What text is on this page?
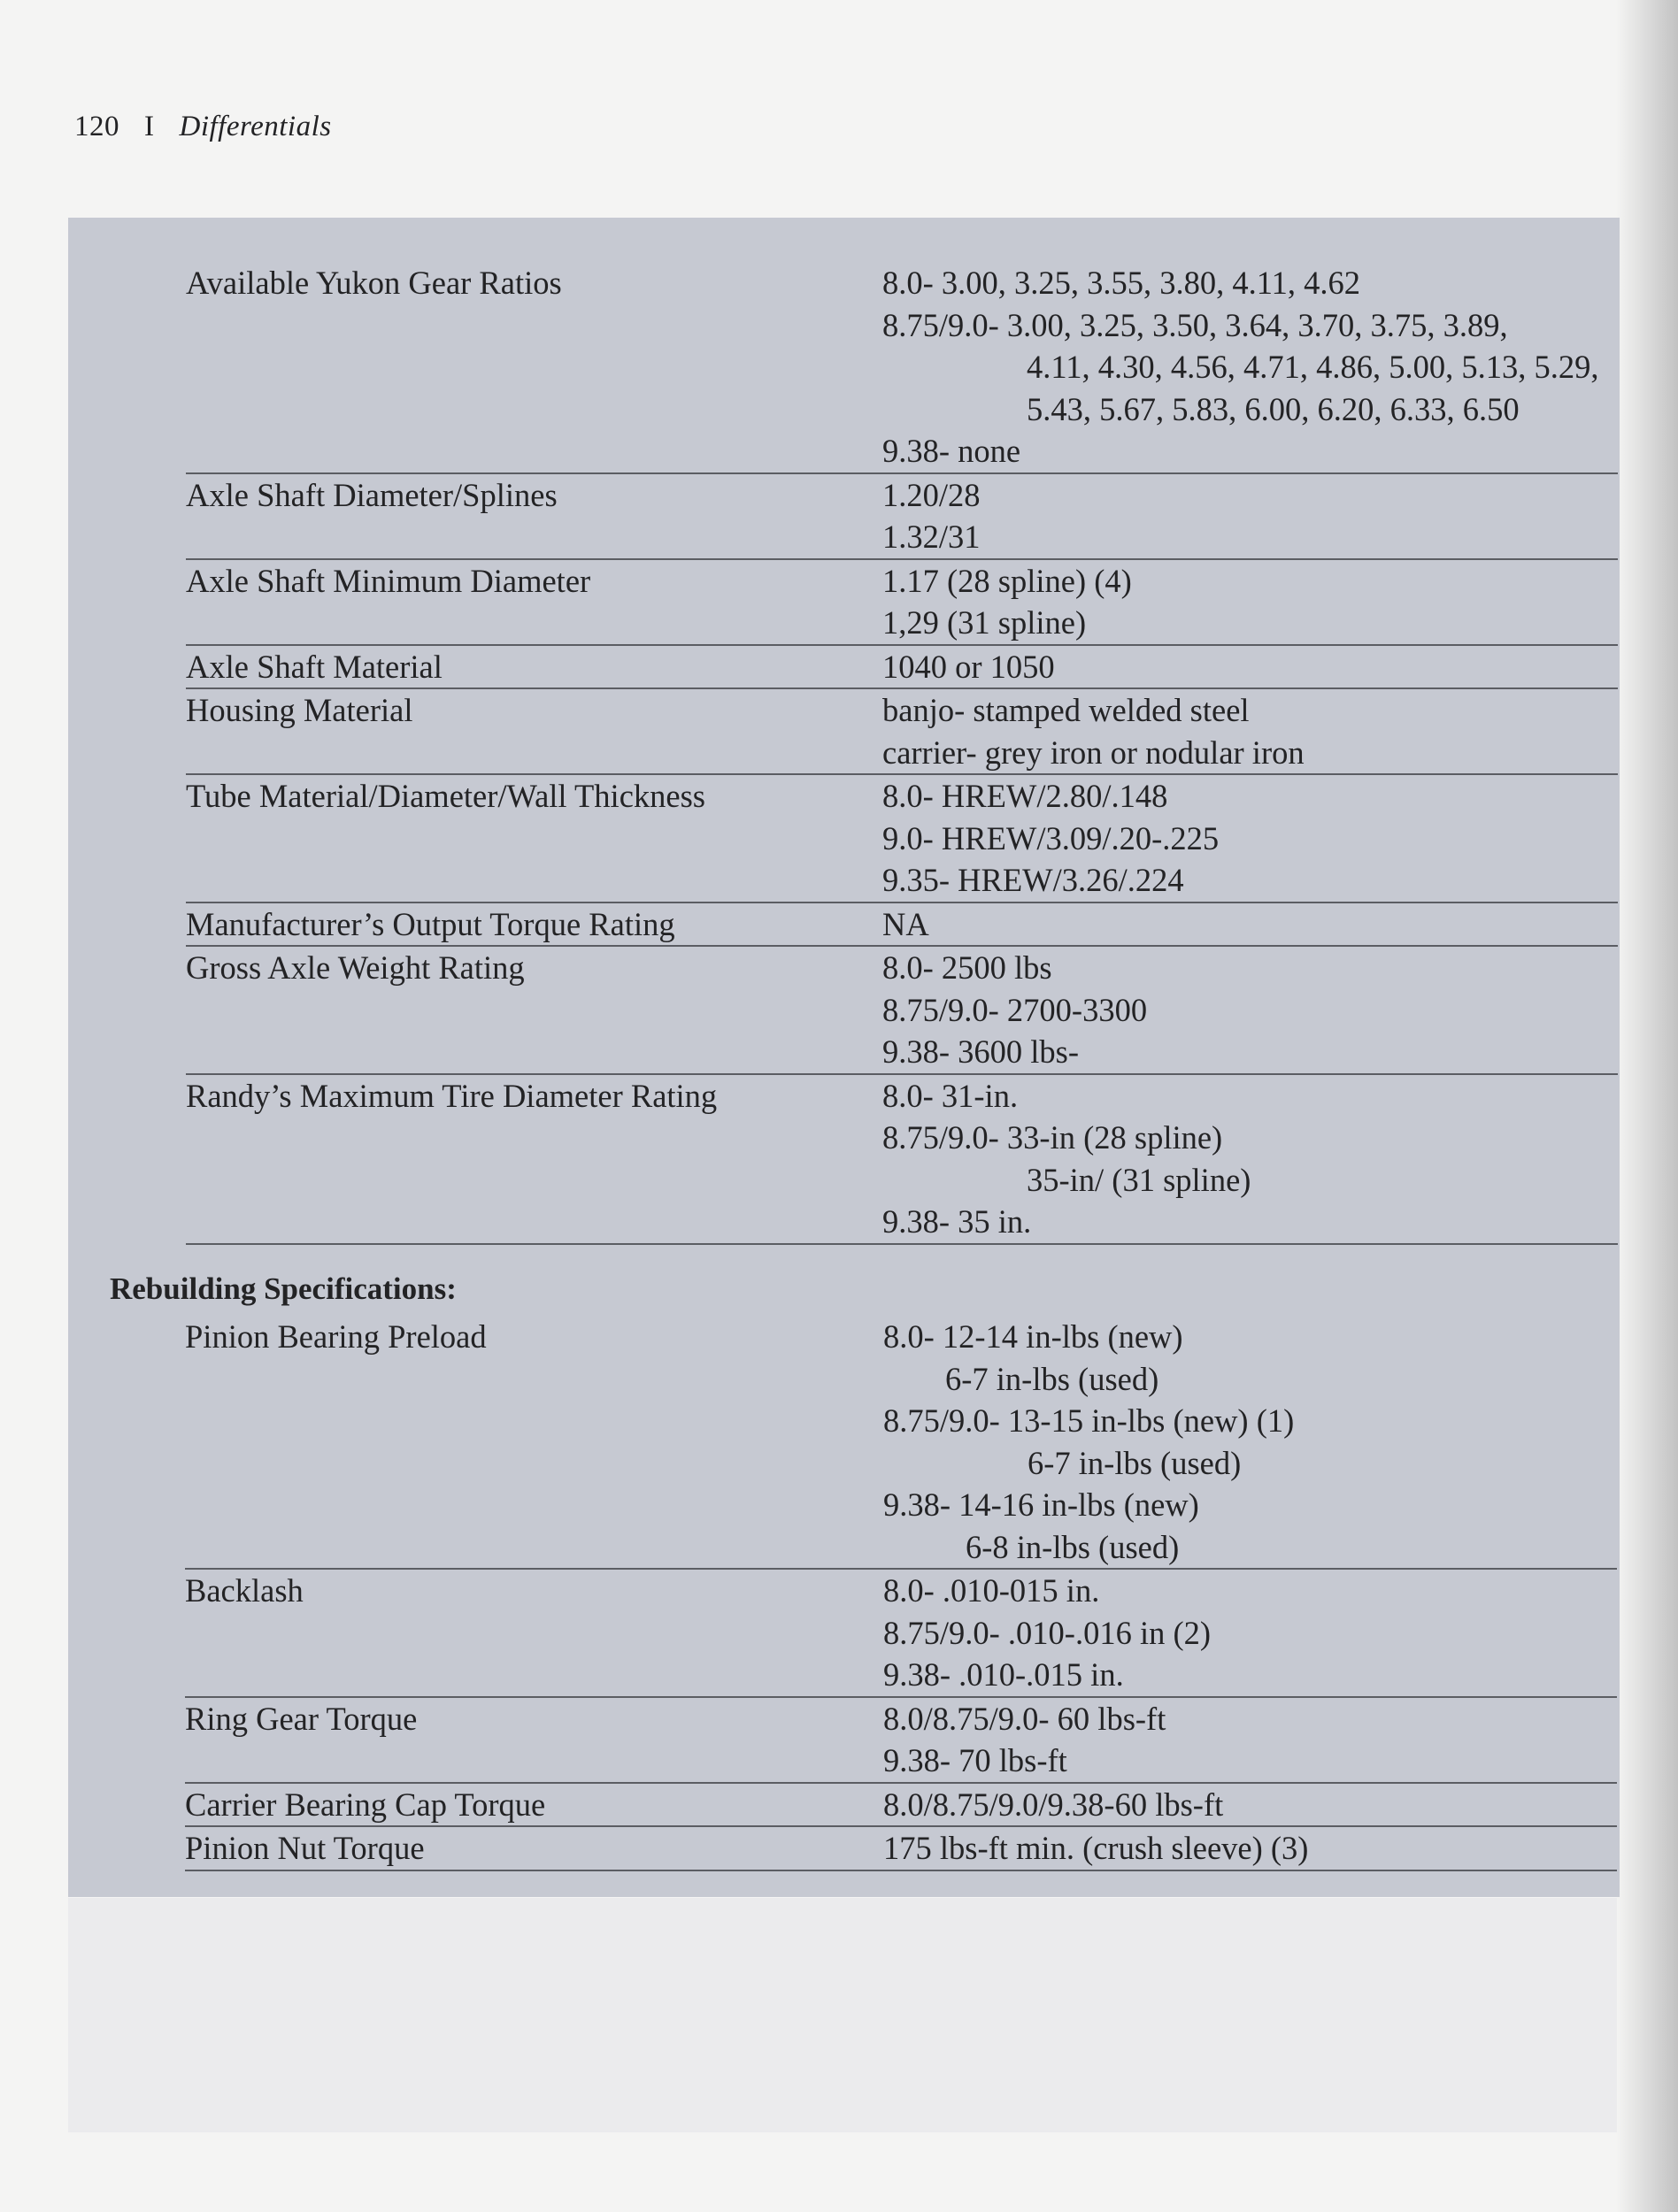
120 I Differentials
Available Yukon Gear Ratios	8.0- 3.00, 3.25, 3.55, 3.80, 4.11, 4.62
8.75/9.0- 3.00, 3.25, 3.50, 3.64, 3.70, 3.75, 3.89,
4.11, 4.30, 4.56, 4.71, 4.86, 5.00, 5.13, 5.29,
5.43, 5.67, 5.83, 6.00, 6.20, 6.33, 6.50
9.38- none
Axle Shaft Diameter/Splines	1.20/28
1.32/31
Axle Shaft Minimum Diameter	1.17 (28 spline) (4)
1,29 (31 spline)
Axle Shaft Material	1040 or 1050
Housing Material	banjo- stamped welded steel
carrier- grey iron or nodular iron
Tube Material/Diameter/Wall Thickness	8.0- HREW/2.80/.148
9.0- HREW/3.09/.20-.225
9.35- HREW/3.26/.224
Manufacturer’s Output Torque Rating	NA
Gross Axle Weight Rating	8.0- 2500 lbs
8.75/9.0- 2700-3300
9.38- 3600 lbs-
Randy’s Maximum Tire Diameter Rating	8.0- 31-in.
8.75/9.0- 33-in (28 spline)
35-in/ (31 spline)
9.38- 35 in.
Rebuilding Specifications:
Pinion Bearing Preload	8.0- 12-14 in-lbs (new)
6-7 in-lbs (used)
8.75/9.0- 13-15 in-lbs (new) (1)
6-7 in-lbs (used)
9.38- 14-16 in-lbs (new)
6-8 in-lbs (used)
Backlash	8.0- .010-015 in.
8.75/9.0- .010-.016 in (2)
9.38- .010-.015 in.
Ring Gear Torque	8.0/8.75/9.0- 60 lbs-ft
9.38- 70 lbs-ft
Carrier Bearing Cap Torque	8.0/8.75/9.0/9.38-60 lbs-ft
Pinion Nut Torque	175 lbs-ft min. (crush sleeve) (3)
